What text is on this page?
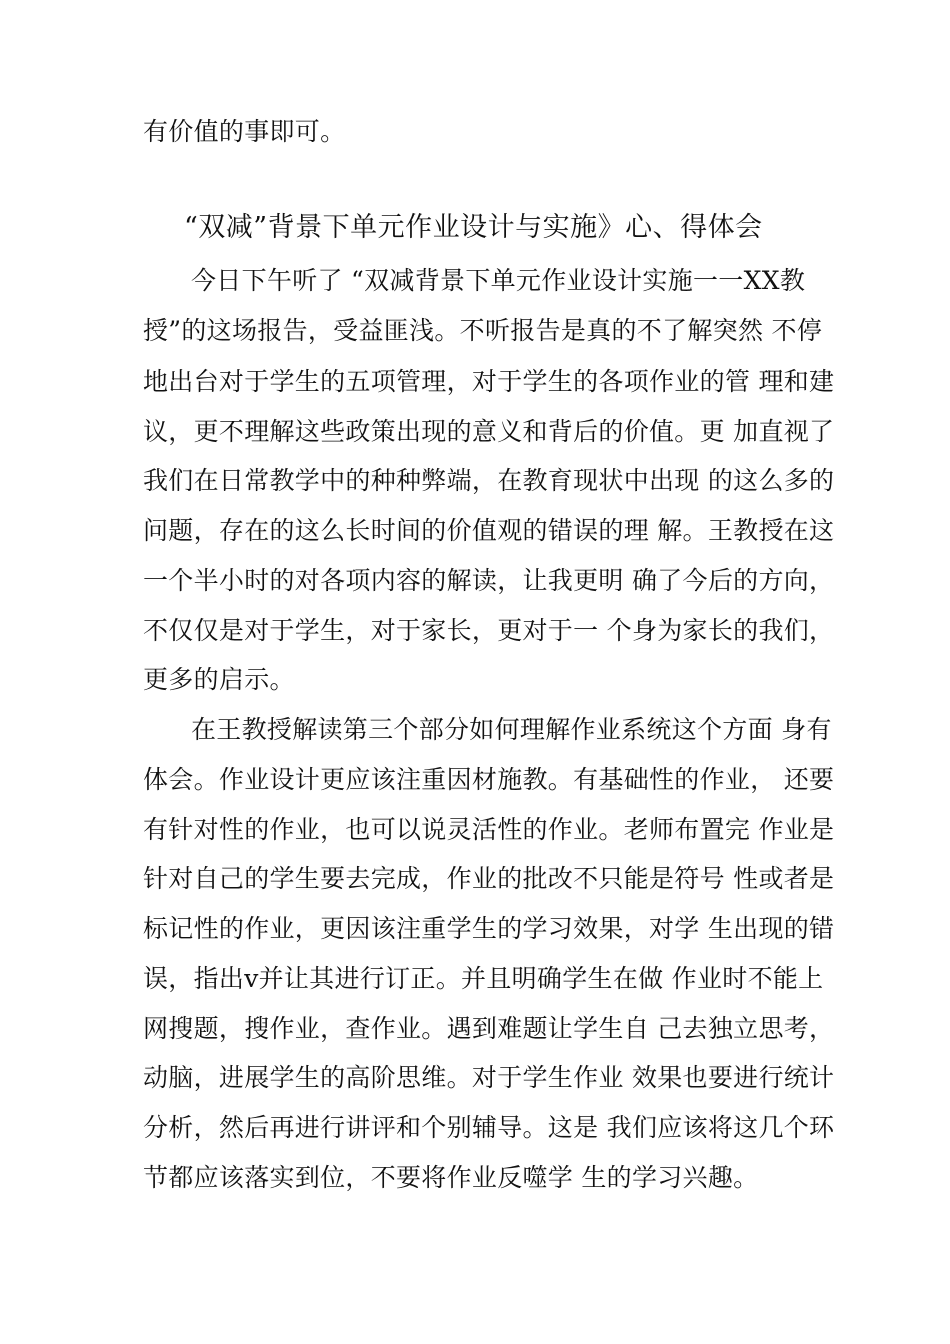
有价值的事即可。
“双减”背景下单元作业设计与实施》心、得体会
今日下午听了 “双减背景下单元作业设计实施一一XX教
授”的这场报告，受益匪浅。不听报告是真的不了解突然 不停
地出台对于学生的五项管理，对于学生的各项作业的管 理和建
议，更不理解这些政策出现的意义和背后的价值。更 加直视了
我们在日常教学中的种种弊端，在教育现状中出现 的这么多的
问题，存在的这么长时间的价值观的错误的理 解。王教授在这
一个半小时的对各项内容的解读，让我更明 确了今后的方向，
不仅仅是对于学生，对于家长，更对于一 个身为家长的我们，
更多的启示。
在王教授解读第三个部分如何理解作业系统这个方面 身有
体会。作业设计更应该注重因材施教。有基础性的作业， 还要
有针对性的作业，也可以说灵活性的作业。老师布置完 作业是
针对自己的学生要去完成，作业的批改不只能是符号 性或者是
标记性的作业，更因该注重学生的学习效果，对学 生出现的错
误，指出v并让其进行订正。并且明确学生在做 作业时不能上
网搜题，搜作业，查作业。遇到难题让学生自 己去独立思考，
动脑，进展学生的高阶思维。对于学生作业 效果也要进行统计
分析，然后再进行讲评和个别辅导。这是 我们应该将这几个环
节都应该落实到位，不要将作业反噬学 生的学习兴趣。
